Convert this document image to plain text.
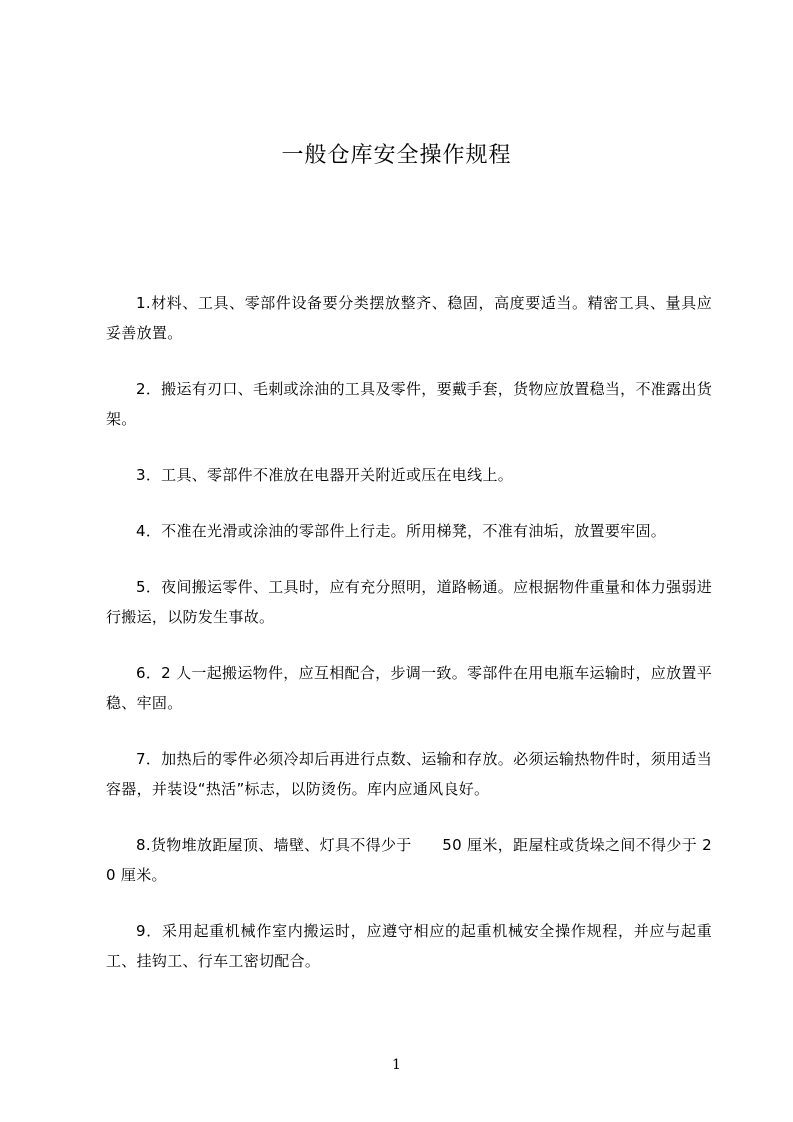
一般仓库安全操作规程
1.材料、工具、零部件设备要分类摆放整齐、稳固，高度要适当。精密工具、量具应妥善放置。
2．搬运有刃口、毛刺或涂油的工具及零件，要戴手套，货物应放置稳当，不准露出货架。
3．工具、零部件不准放在电器开关附近或压在电线上。
4．不准在光滑或涂油的零部件上行走。所用梯凳，不准有油垢，放置要牢固。
5．夜间搬运零件、工具时，应有充分照明，道路畅通。应根据物件重量和体力强弱进行搬运，以防发生事故。
6．2 人一起搬运物件，应互相配合，步调一致。零部件在用电瓶车运输时，应放置平稳、牢固。
7．加热后的零件必须冷却后再进行点数、运输和存放。必须运输热物件时，须用适当容器，并装设“热活”标志，以防烫伤。库内应通风良好。
8.货物堆放距屋顶、墙壁、灯具不得少于　　50 厘米，距屋柱或货垛之间不得少于 20 厘米。
9．采用起重机械作室内搬运时，应遵守相应的起重机械安全操作规程，并应与起重工、挂钩工、行车工密切配合。
1
